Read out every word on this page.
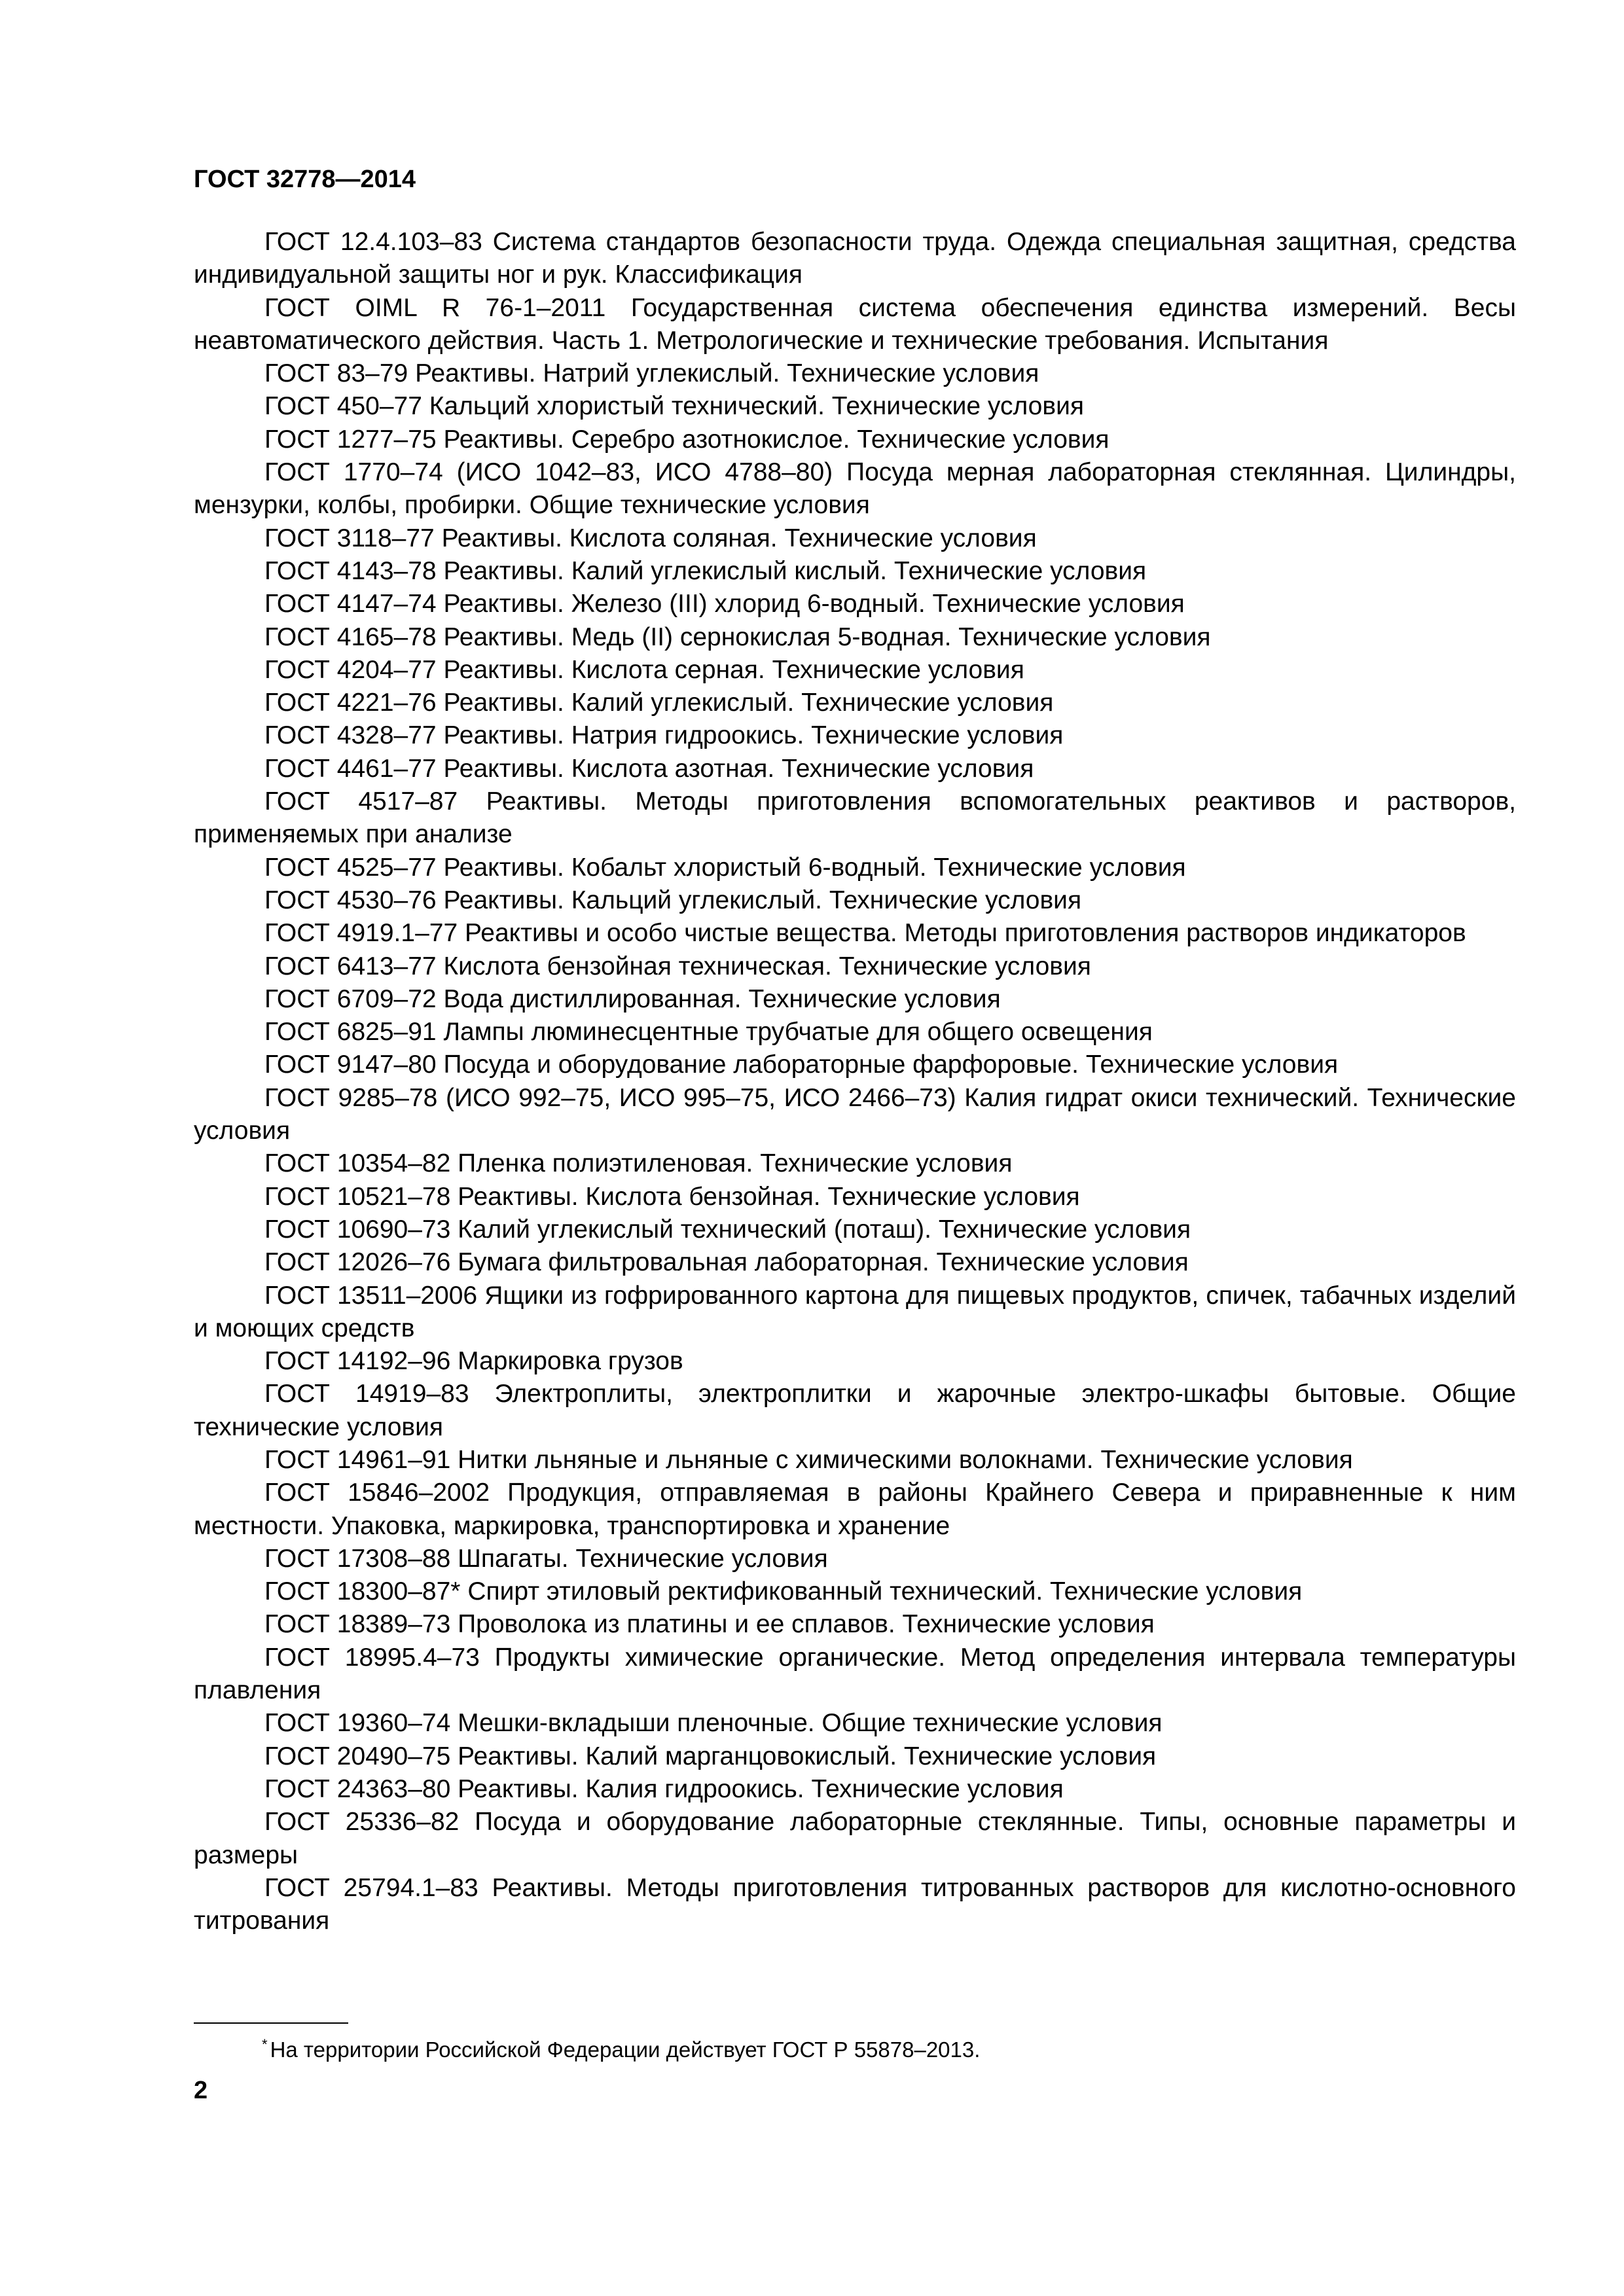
ГОСТ 32778—2014

ГОСТ 12.4.103–83 Система стандартов безопасности труда. Одежда специальная защитная, средства индивидуальной защиты ног и рук. Классификация

ГОСТ OIML R 76-1–2011 Государственная система обеспечения единства измерений. Весы неавтоматического действия. Часть 1. Метрологические и технические требования. Испытания

ГОСТ 83–79 Реактивы. Натрий углекислый. Технические условия

ГОСТ 450–77 Кальций хлористый технический. Технические условия

ГОСТ 1277–75 Реактивы. Серебро азотнокислое. Технические условия

ГОСТ 1770–74 (ИСО 1042–83, ИСО 4788–80) Посуда мерная лабораторная стеклянная. Цилиндры, мензурки, колбы, пробирки. Общие технические условия

ГОСТ 3118–77 Реактивы. Кислота соляная. Технические условия

ГОСТ 4143–78 Реактивы. Калий углекислый кислый. Технические условия

ГОСТ 4147–74 Реактивы. Железо (III) хлорид 6-водный. Технические условия

ГОСТ 4165–78 Реактивы. Медь (II) сернокислая 5-водная. Технические условия

ГОСТ 4204–77 Реактивы. Кислота серная. Технические условия

ГОСТ 4221–76 Реактивы. Калий углекислый. Технические условия

ГОСТ 4328–77 Реактивы. Натрия гидроокись. Технические условия

ГОСТ 4461–77 Реактивы. Кислота азотная. Технические условия

ГОСТ 4517–87 Реактивы. Методы приготовления вспомогательных реактивов и растворов, применяемых при анализе

ГОСТ 4525–77 Реактивы. Кобальт хлористый 6-водный. Технические условия

ГОСТ 4530–76 Реактивы. Кальций углекислый. Технические условия

ГОСТ 4919.1–77 Реактивы и особо чистые вещества. Методы приготовления растворов индикаторов

ГОСТ 6413–77 Кислота бензойная техническая. Технические условия

ГОСТ 6709–72 Вода дистиллированная. Технические условия

ГОСТ 6825–91 Лампы люминесцентные трубчатые для общего освещения

ГОСТ 9147–80 Посуда и оборудование лабораторные фарфоровые. Технические условия

ГОСТ 9285–78 (ИСО 992–75, ИСО 995–75, ИСО 2466–73) Калия гидрат окиси технический. Технические условия

ГОСТ 10354–82 Пленка полиэтиленовая. Технические условия

ГОСТ 10521–78 Реактивы. Кислота бензойная. Технические условия

ГОСТ 10690–73 Калий углекислый технический (поташ). Технические условия

ГОСТ 12026–76 Бумага фильтровальная лабораторная. Технические условия

ГОСТ 13511–2006 Ящики из гофрированного картона для пищевых продуктов, спичек, табачных изделий и моющих средств

ГОСТ 14192–96 Маркировка грузов

ГОСТ 14919–83 Электроплиты, электроплитки и жарочные электро-шкафы бытовые. Общие технические условия

ГОСТ 14961–91 Нитки льняные и льняные с химическими волокнами. Технические условия

ГОСТ 15846–2002 Продукция, отправляемая в районы Крайнего Севера и приравненные к ним местности. Упаковка, маркировка, транспортировка и хранение

ГОСТ 17308–88 Шпагаты. Технические условия

ГОСТ 18300–87* Спирт этиловый ректификованный технический. Технические условия

ГОСТ 18389–73 Проволока из платины и ее сплавов. Технические условия

ГОСТ 18995.4–73 Продукты химические органические. Метод определения интервала температуры плавления

ГОСТ 19360–74 Мешки-вкладыши пленочные. Общие технические условия

ГОСТ 20490–75 Реактивы. Калий марганцовокислый. Технические условия

ГОСТ 24363–80 Реактивы. Калия гидроокись. Технические условия

ГОСТ 25336–82 Посуда и оборудование лабораторные стеклянные. Типы, основные параметры и размеры

ГОСТ 25794.1–83 Реактивы. Методы приготовления титрованных растворов для кислотно-основного титрования

* На территории Российской Федерации действует ГОСТ Р 55878–2013.
2
